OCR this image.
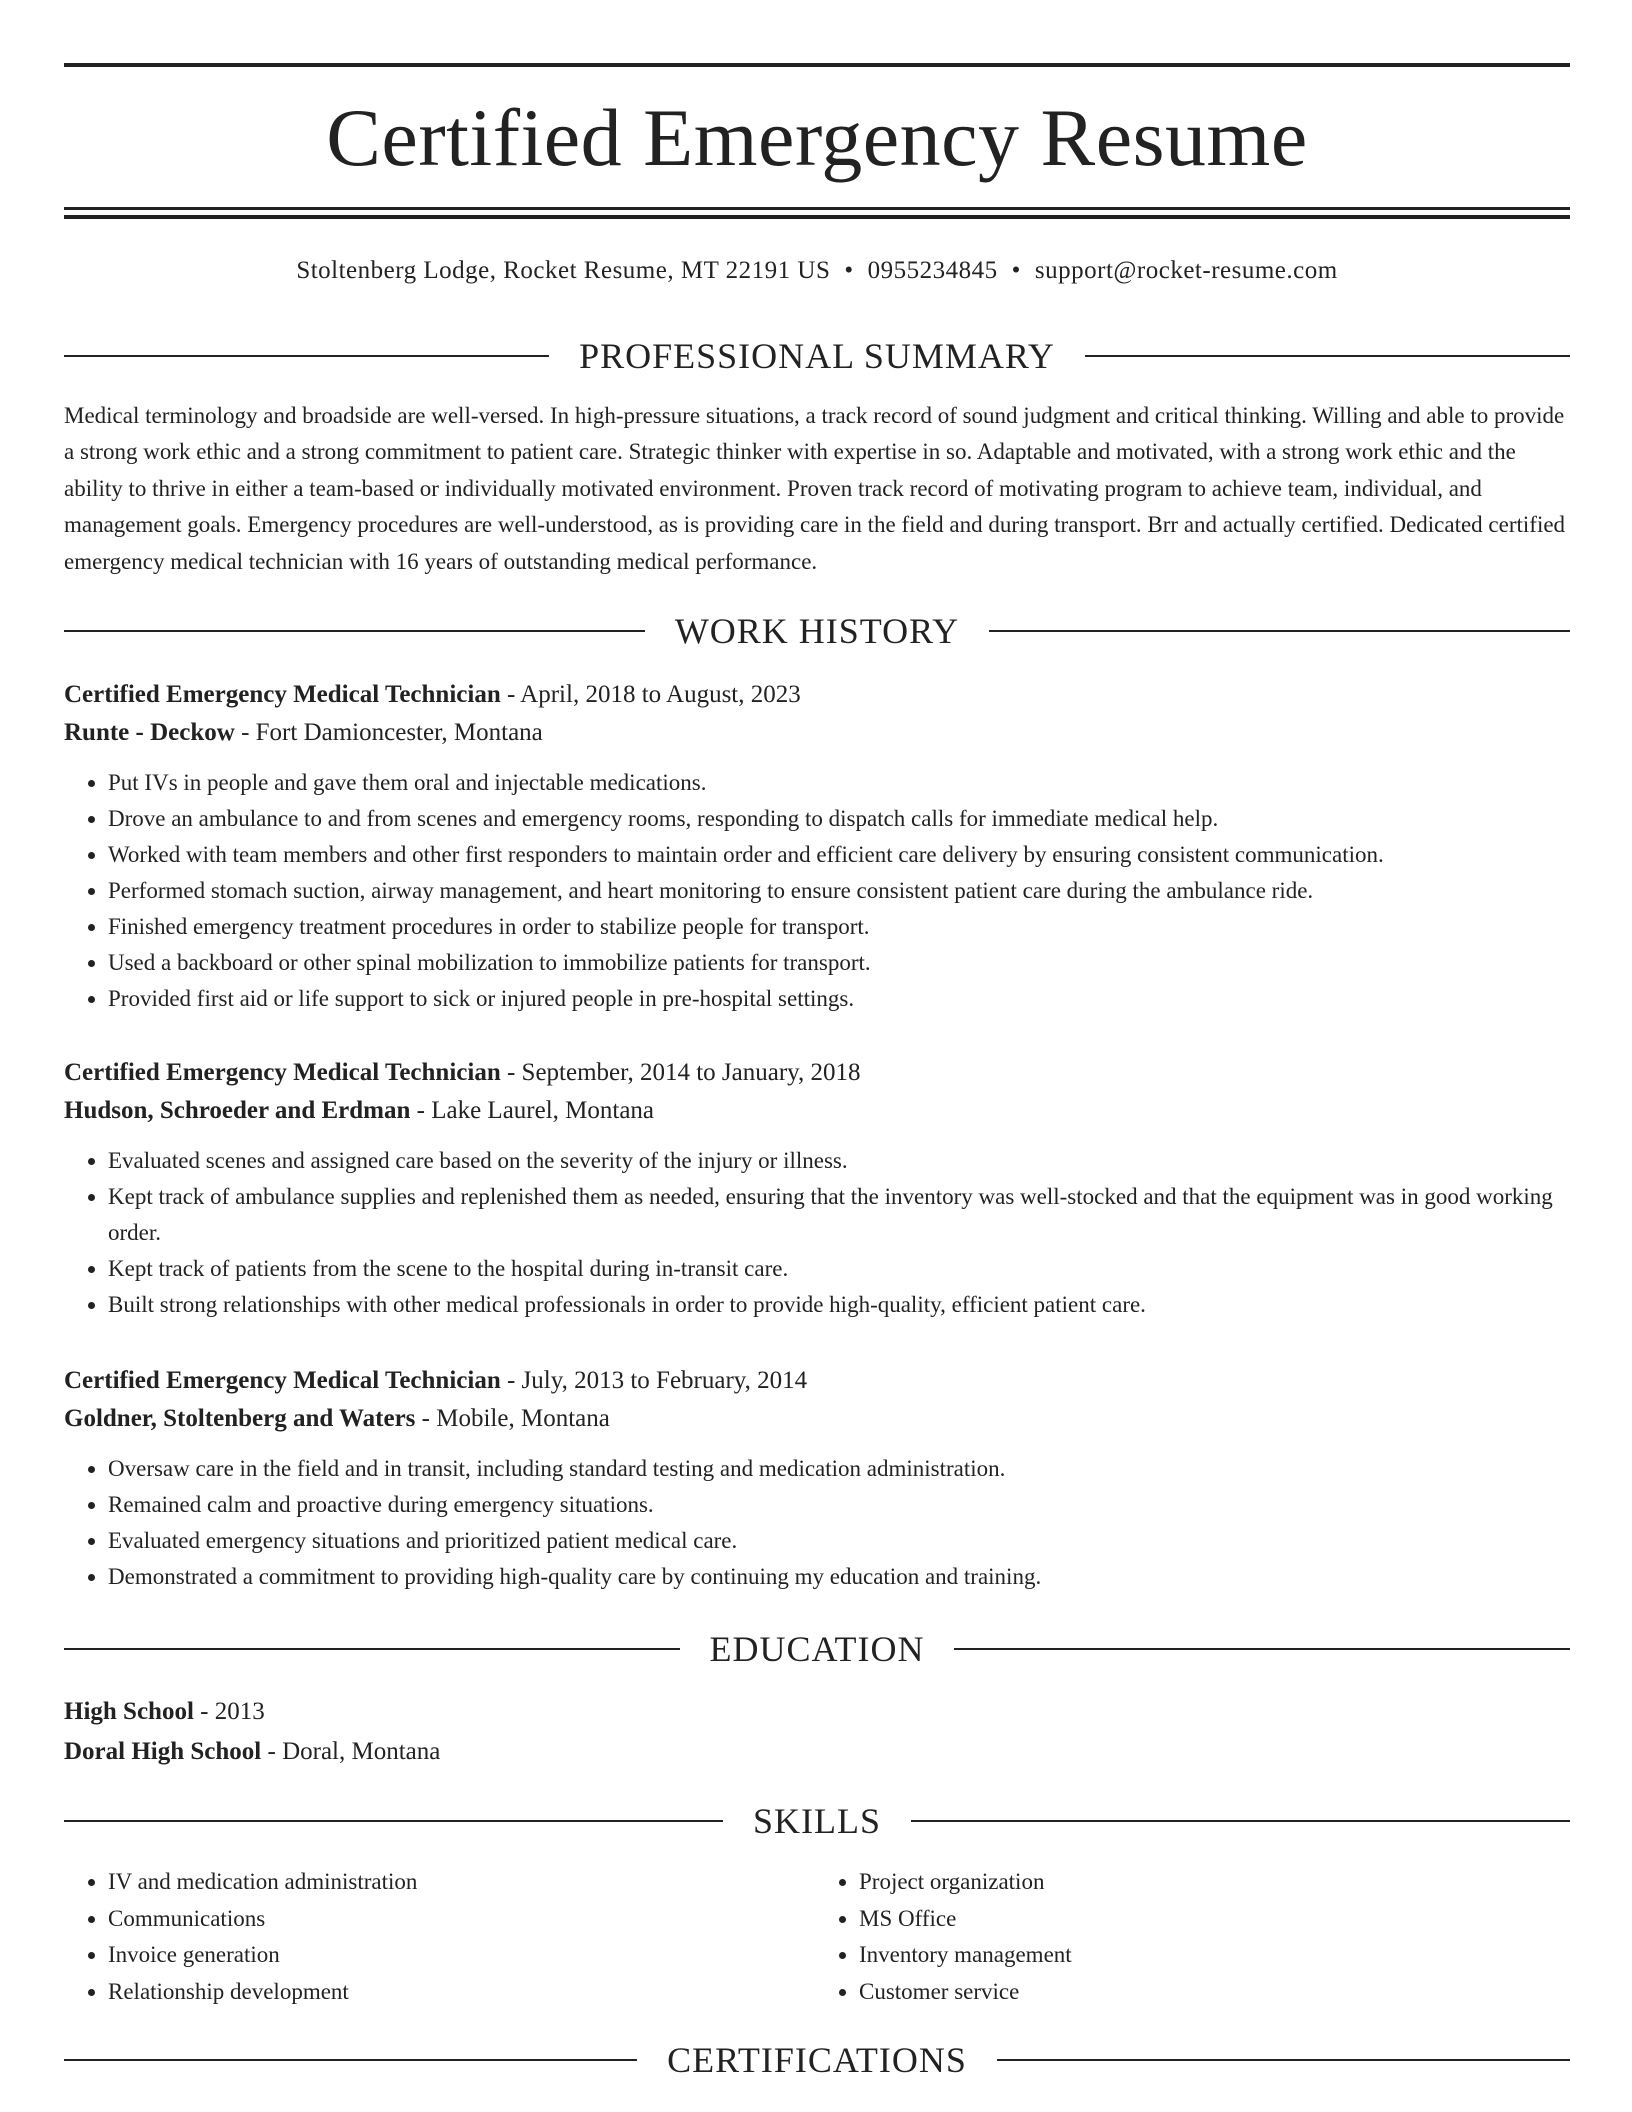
Certified Emergency Resume
Stoltenberg Lodge, Rocket Resume, MT 22191 US • 0955234845 • support@rocket-resume.com
PROFESSIONAL SUMMARY

Medical terminology and broadside are well-versed. In high-pressure situations, a track record of sound judgment and critical thinking. Willing and able to provide a strong work ethic and a strong commitment to patient care. Strategic thinker with expertise in so. Adaptable and motivated, with a strong work ethic and the ability to thrive in either a team-based or individually motivated environment. Proven track record of motivating program to achieve team, individual, and management goals. Emergency procedures are well-understood, as is providing care in the field and during transport. Brr and actually certified. Dedicated certified emergency medical technician with 16 years of outstanding medical performance.

WORK HISTORY
Certified Emergency Medical Technician - April, 2018 to August, 2023
Runte - Deckow - Fort Damioncester, Montana
• Put IVs in people and gave them oral and injectable medications.
• Drove an ambulance to and from scenes and emergency rooms, responding to dispatch calls for immediate medical help.
• Worked with team members and other first responders to maintain order and efficient care delivery by ensuring consistent communication.
• Performed stomach suction, airway management, and heart monitoring to ensure consistent patient care during the ambulance ride.
• Finished emergency treatment procedures in order to stabilize people for transport.
• Used a backboard or other spinal mobilization to immobilize patients for transport.
• Provided first aid or life support to sick or injured people in pre-hospital settings.
Certified Emergency Medical Technician - September, 2014 to January, 2018
Hudson, Schroeder and Erdman - Lake Laurel, Montana
• Evaluated scenes and assigned care based on the severity of the injury or illness.
• Kept track of ambulance supplies and replenished them as needed, ensuring that the inventory was well-stocked and that the equipment was in good working order.
• Kept track of patients from the scene to the hospital during in-transit care.
• Built strong relationships with other medical professionals in order to provide high-quality, efficient patient care.
Certified Emergency Medical Technician - July, 2013 to February, 2014
Goldner, Stoltenberg and Waters - Mobile, Montana
• Oversaw care in the field and in transit, including standard testing and medication administration.
• Remained calm and proactive during emergency situations.
• Evaluated emergency situations and prioritized patient medical care.
• Demonstrated a commitment to providing high-quality care by continuing my education and training.
EDUCATION
High School - 2013
Doral High School - Doral, Montana
SKILLS
• IV and medication administration
• Communications
• Invoice generation
• Relationship development
• Project organization
• MS Office
• Inventory management
• Customer service
CERTIFICATIONS
